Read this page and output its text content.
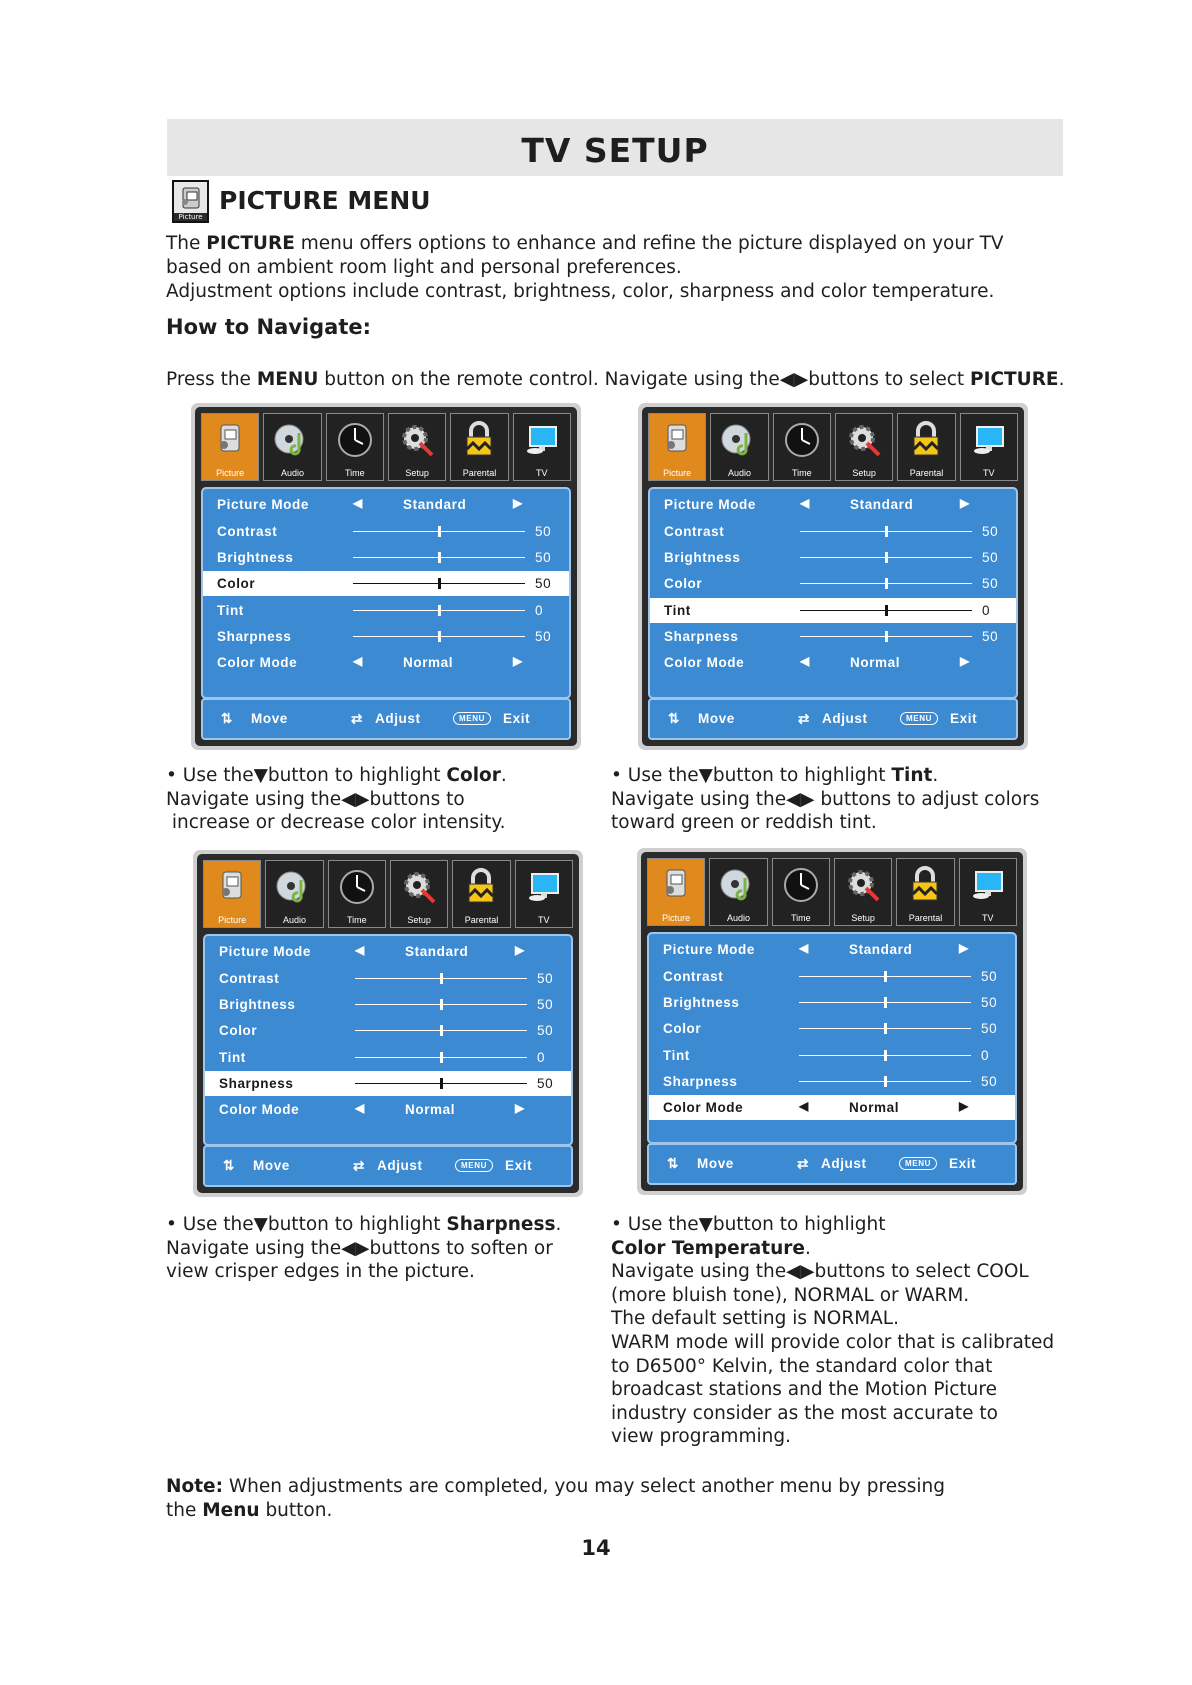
TV SETUP
Picture
PICTURE MENU
The PICTURE menu offers options to enhance and refine the picture displayed on your TV
based on ambient room light and personal preferences.
Adjustment options include contrast, brightness, color, sharpness and color temperature.
How to Navigate:
Press the MENU button on the remote control. Navigate using the◀▶buttons to select PICTURE.
Picture	Audio	Time	Setup	Parental	TV
Picture Mode	◀	Standard	▶
Contrast	50
Brightness	50
Color	50
Tint	0
Sharpness	50
Color Mode	◀	Normal	▶
⇅ Move	⇄ Adjust	MENU	Exit
Picture	Audio	Time	Setup	Parental	TV
Picture Mode	◀	Standard	▶
Contrast	50
Brightness	50
Color	50
Tint	0
Sharpness	50
Color Mode	◀	Normal	▶
⇅ Move	⇄ Adjust	MENU	Exit
Picture	Audio	Time	Setup	Parental	TV
Picture Mode	◀	Standard	▶
Contrast	50
Brightness	50
Color	50
Tint	0
Sharpness	50
Color Mode	◀	Normal	▶
⇅ Move	⇄ Adjust	MENU	Exit
Picture	Audio	Time	Setup	Parental	TV
Picture Mode	◀	Standard	▶
Contrast	50
Brightness	50
Color	50
Tint	0
Sharpness	50
Color Mode	◀	Normal	▶
⇅ Move	⇄ Adjust	MENU	Exit
• Use the▼button to highlight Color.
Navigate using the◀▶buttons to
increase or decrease color intensity.
• Use the▼button to highlight Tint.
Navigate using the◀▶ buttons to adjust colors
toward green or reddish tint.
• Use the▼button to highlight Sharpness.
Navigate using the◀▶buttons to soften or
view crisper edges in the picture.
• Use the▼button to highlight
Color Temperature.
Navigate using the◀▶buttons to select COOL
(more bluish tone), NORMAL or WARM.
The default setting is NORMAL.
WARM mode will provide color that is calibrated
to D6500° Kelvin, the standard color that
broadcast stations and the Motion Picture
industry consider as the most accurate to
view programming.
Note: When adjustments are completed, you may select another menu by pressing
the Menu button.
14
